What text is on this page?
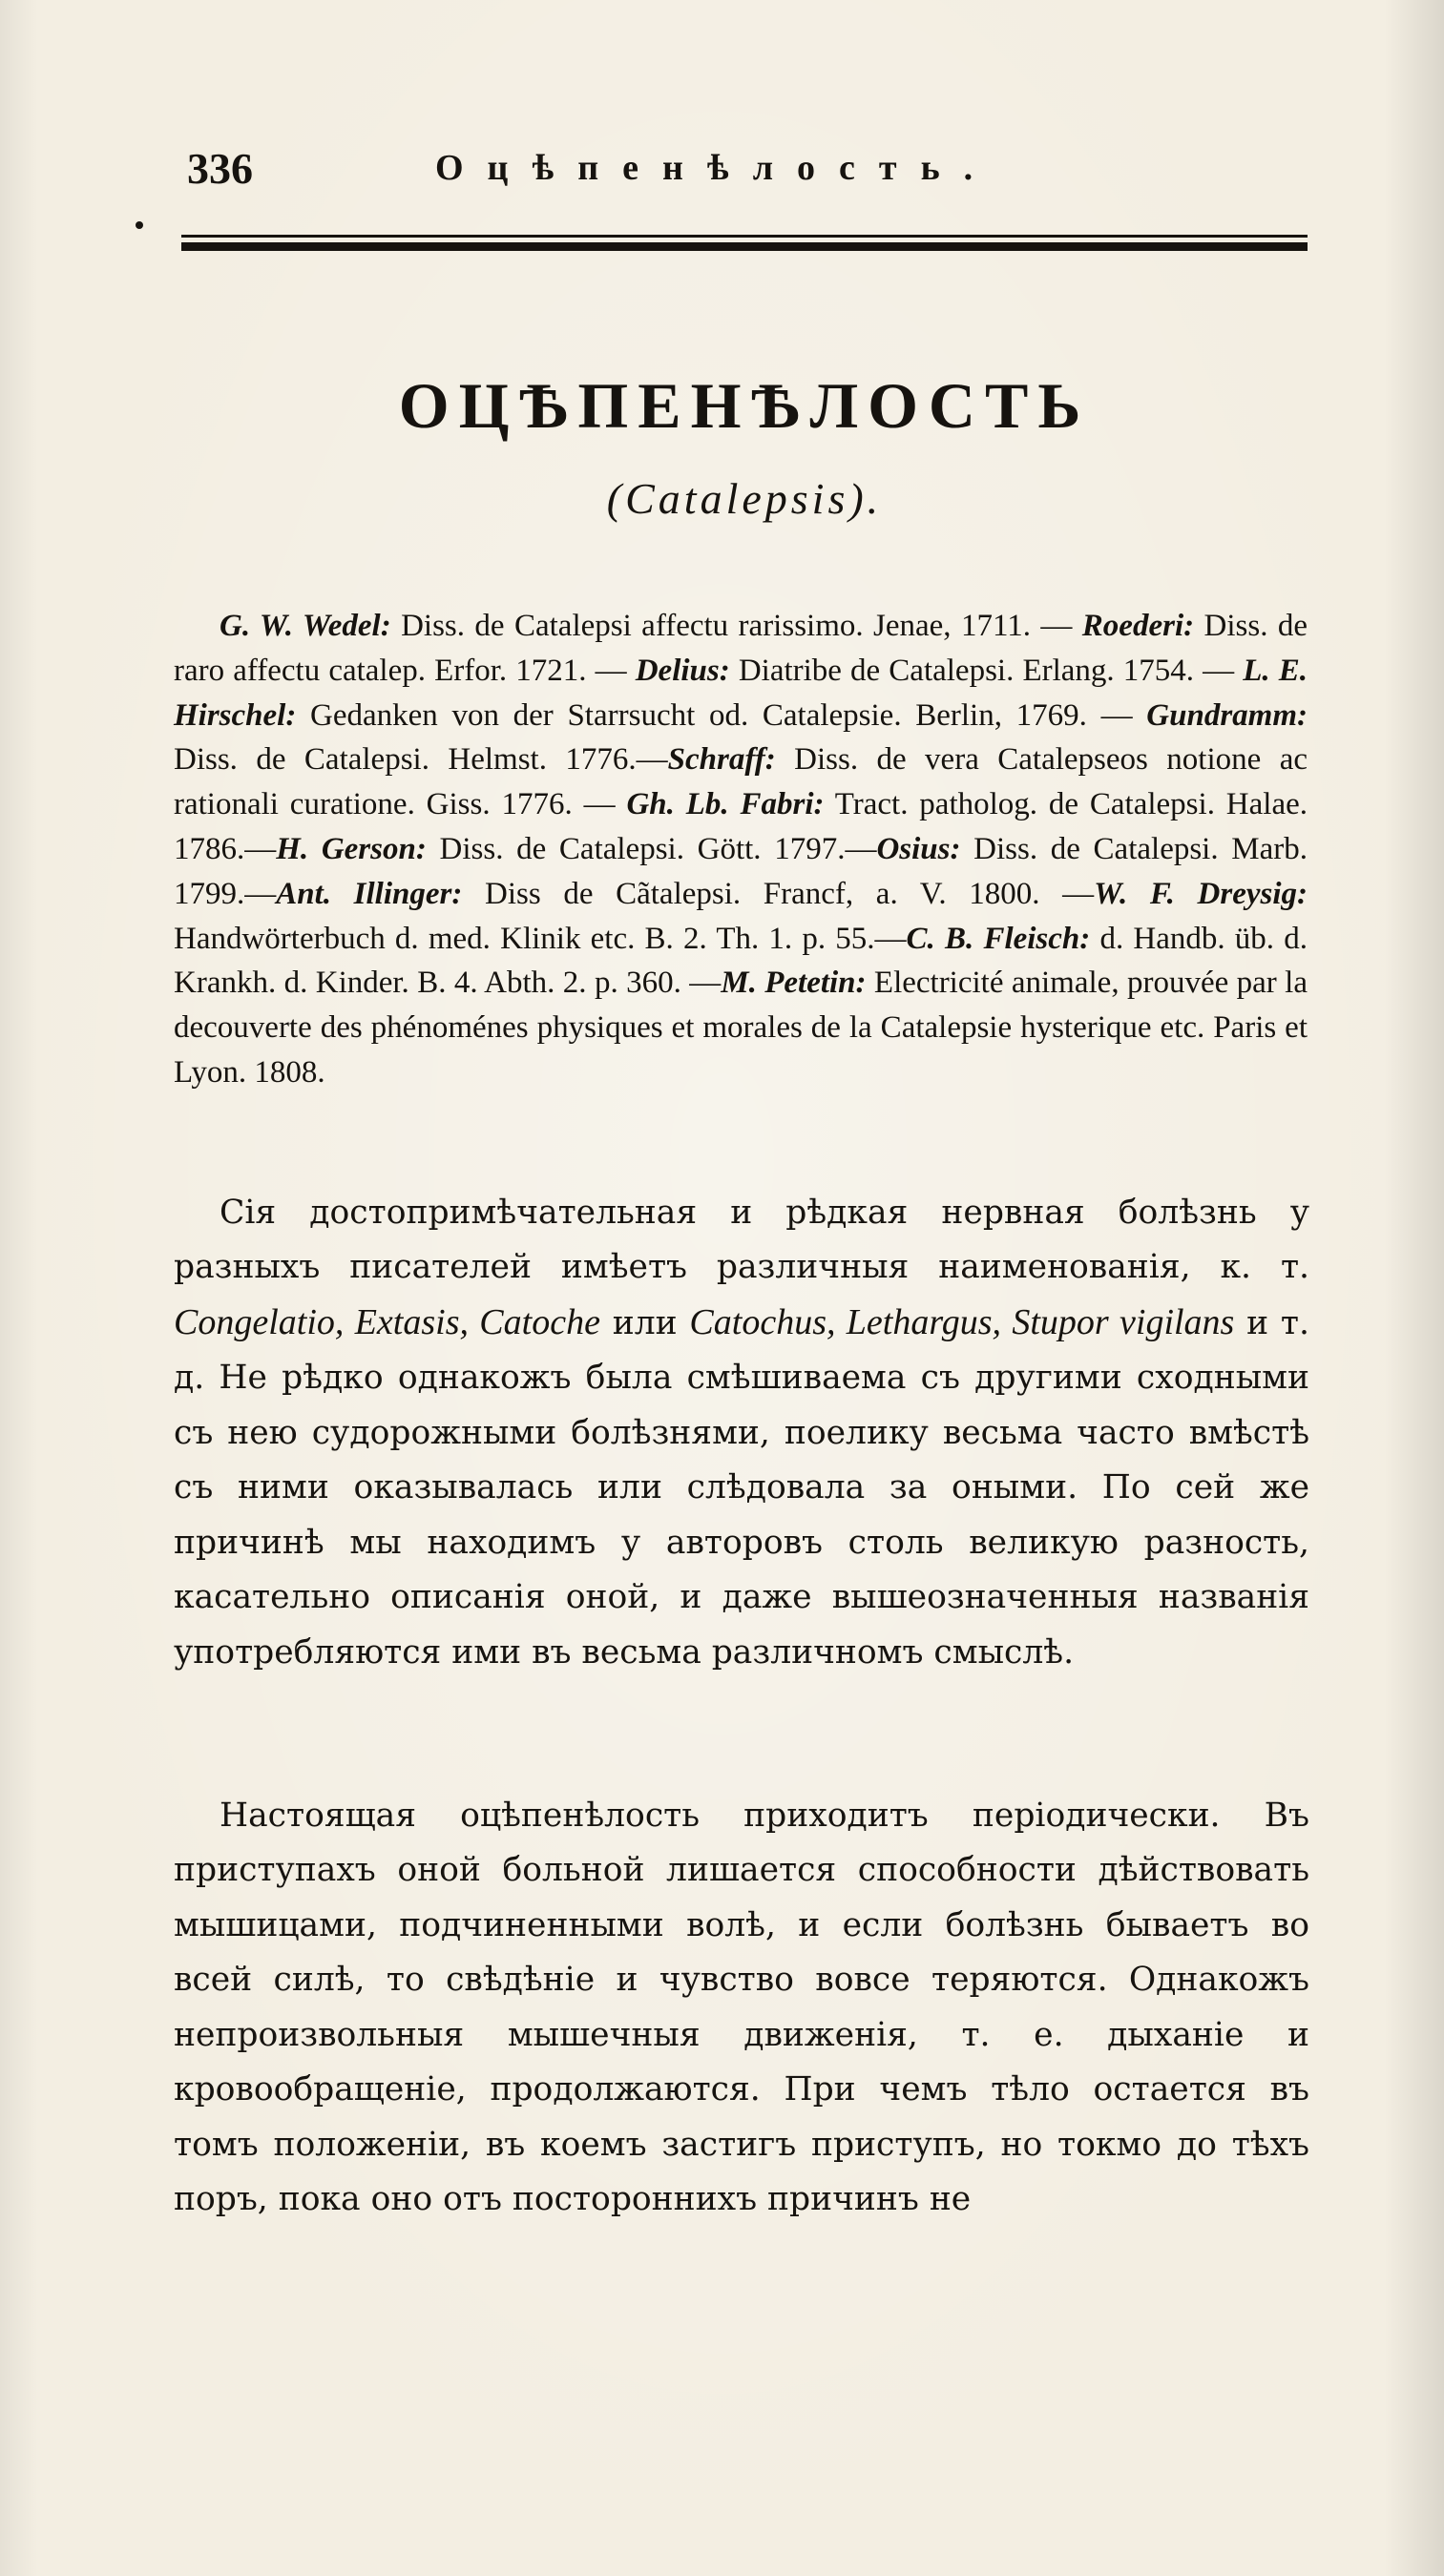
336	Оцѣпенѣлость.
ОЦѢПЕНѢЛОСТЬ
(Catalepsis).

G. W. Wedel: Diss. de Catalepsi affectu rarissimo. Jenae, 1711. — Roederi: Diss. de raro affectu catalep. Erfor. 1721. — Delius: Diatribe de Catalepsi. Erlang. 1754. — L. E. Hirschel: Gedanken von der Starrsucht od. Catalepsie. Berlin, 1769. — Gundramm: Diss. de Catalepsi. Helmst. 1776.—Schraff: Diss. de vera Catalepseos notione ac rationali curatione. Giss. 1776. — Gh. Lb. Fabri: Tract. patholog. de Catalepsi. Halae. 1786.—H. Gerson: Diss. de Catalepsi. Gött. 1797.—Osius: Diss. de Catalepsi. Marb. 1799.—Ant. Illinger: Diss de Cãtalepsi. Francf, a. V. 1800. —W. F. Dreysig: Handwörterbuch d. med. Klinik etc. B. 2. Th. 1. p. 55.—C. B. Fleisch: d. Handb. üb. d. Krankh. d. Kinder. B. 4. Abth. 2. p. 360. —M. Petetin: Electricité animale, prouvée par la decouverte des phénoménes physiques et morales de la Catalepsie hysterique etc. Paris et Lyon. 1808.

Сія достопримѣчательная и рѣдкая нервная болѣзнь у разныхъ писателей имѣетъ различныя наименованія, к. т. Congelatio, Extasis, Catoche или Catochus, Lethargus, Stupor vigilans и т. д. Не рѣдко однакожъ была смѣшиваема съ другими сходными съ нею судорожными болѣзнями, поелику весьма часто вмѣстѣ съ ними оказывалась или слѣдовала за оными. По сей же причинѣ мы находимъ у авторовъ столь великую разность, касательно описанія оной, и даже вышеозначенныя названія употребляются ими въ весьма различномъ смыслѣ.

Настоящая оцѣпенѣлость приходитъ періодически. Въ приступахъ оной больной лишается способности дѣйствовать мышицами, подчиненными волѣ, и если болѣзнь бываетъ во всей силѣ, то свѣдѣніе и чувство вовсе теряются. Однакожъ непроизвольныя мышечныя движенія, т. е. дыханіе и кровообращеніе, продолжаются. При чемъ тѣло остается въ томъ положеніи, въ коемъ застигъ приступъ, но токмо до тѣхъ поръ, пока оно отъ постороннихъ причинъ не
